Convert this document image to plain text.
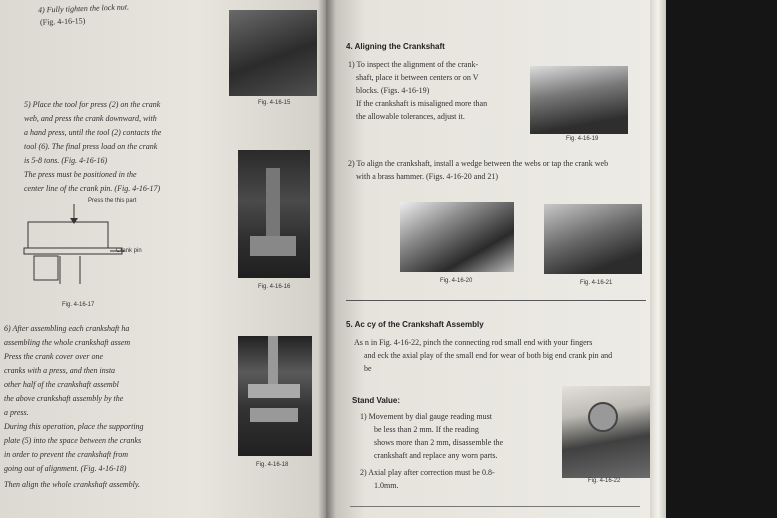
4) Fully tighten the lock nut.
(Fig. 4-16-15)
Fig. 4-16-15
5) Place the tool for press (2) on the crank
web, and press the crank downward, with
a hand press, until the tool (2) contacts the
tool (6). The final press load on the crank
is 5-8 tons. (Fig. 4-16-16)
The press must be positioned in the
center line of the crank pin. (Fig. 4-16-17)
Press the this part
Crank pin
Fig. 4-16-17
Fig. 4-16-16
6) After assembling each crankshaft ha
assembling the whole crankshaft assem
Press the crank cover over one
cranks with a press, and then insta
other half of the crankshaft assembl
the above crankshaft assembly by the
a press.
During this operation, place the supporting
plate (5) into the space between the cranks
in order to prevent the crankshaft from
going out of alignment. (Fig. 4-16-18)
Then align the whole crankshaft assembly.
Fig. 4-16-18
4. Aligning the Crankshaft
1) To inspect the alignment of the crank-
shaft, place it between centers or on V
blocks. (Figs. 4-16-19)
If the crankshaft is misaligned more than
the allowable tolerances, adjust it.
Fig. 4-16-19
2) To align the crankshaft, install a wedge between the webs or tap the crank web
with a brass hammer. (Figs. 4-16-20 and 21)
Fig. 4-16-20	Fig. 4-16-21
5. Ac cy of the Crankshaft Assembly
As n in Fig. 4-16-22, pinch the connecting rod small end with your fingers
and eck the axial play of the small end for wear of both big end crank pin and
be
Stand Value:
1) Movement by dial gauge reading must
be less than 2 mm. If the reading
shows more than 2 mm, disassemble the
crankshaft and replace any worn parts.
2) Axial play after correction must be 0.8-
1.0mm.	Fig. 4-16-22
